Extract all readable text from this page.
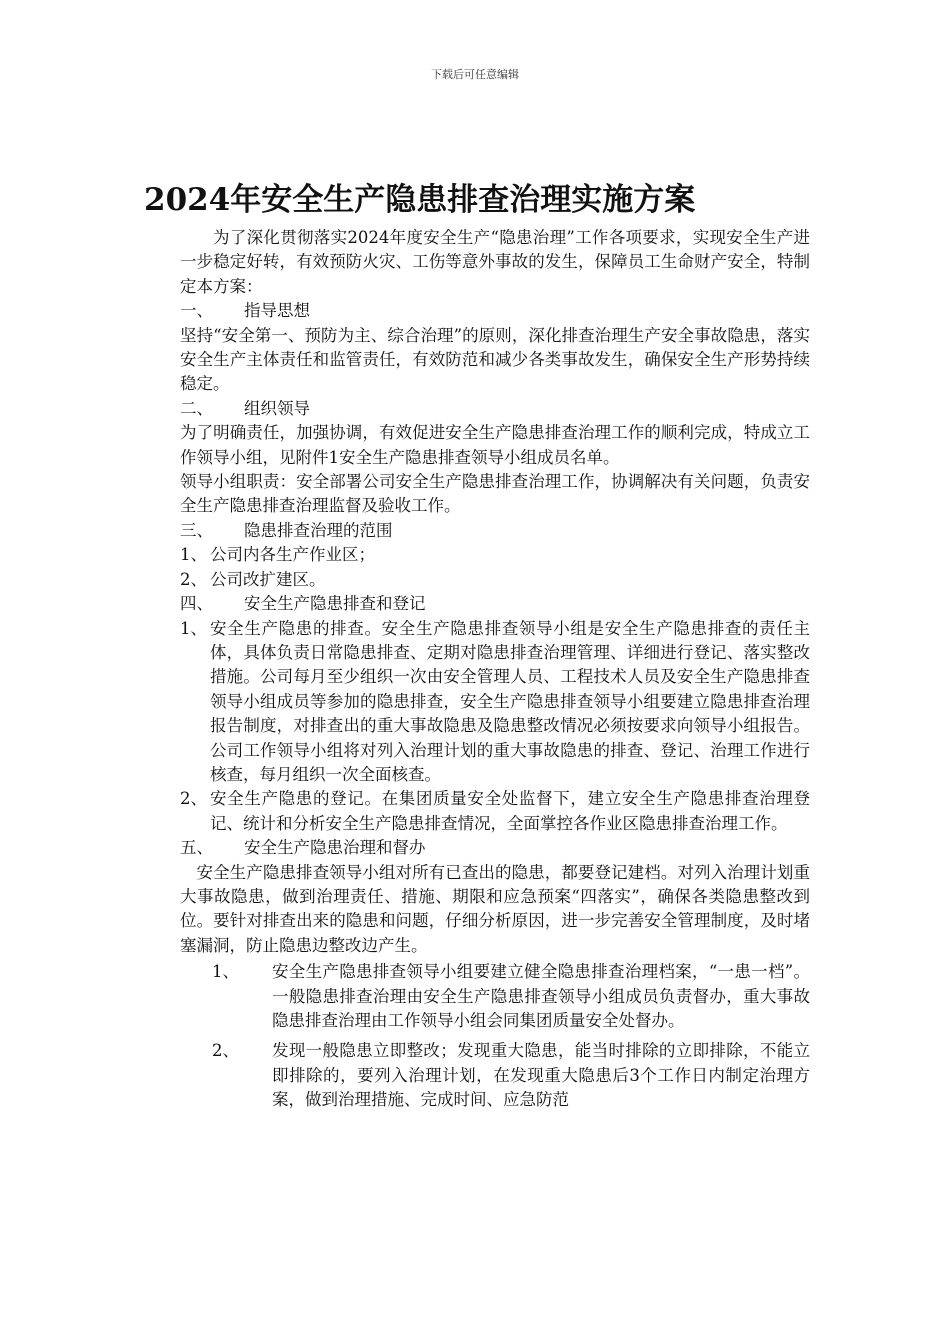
下载后可任意编辑
2024年安全生产隐患排查治理实施方案

为了深化贯彻落实2024年度安全生产“隐患治理”工作各项要求，实现安全生产进一步稳定好转，有效预防火灾、工伤等意外事故的发生，保障员工生命财产安全，特制定本方案：

一、 指导思想

坚持“安全第一、预防为主、综合治理”的原则，深化排查治理生产安全事故隐患，落实安全生产主体责任和监管责任，有效防范和减少各类事故发生，确保安全生产形势持续稳定。

二、 组织领导

为了明确责任，加强协调，有效促进安全生产隐患排查治理工作的顺利完成，特成立工作领导小组，见附件1安全生产隐患排查领导小组成员名单。

领导小组职责：安全部署公司安全生产隐患排查治理工作，协调解决有关问题，负责安全生产隐患排查治理监督及验收工作。

三、 隐患排查治理的范围

1、 公司内各生产作业区；
2、 公司改扩建区。

四、 安全生产隐患排查和登记

1、 安全生产隐患的排查。安全生产隐患排查领导小组是安全生产隐患排查的责任主体，具体负责日常隐患排查、定期对隐患排查治理管理、详细进行登记、落实整改措施。公司每月至少组织一次由安全管理人员、工程技术人员及安全生产隐患排查领导小组成员等参加的隐患排查，安全生产隐患排查领导小组要建立隐患排查治理报告制度，对排查出的重大事故隐患及隐患整改情况必须按要求向领导小组报告。公司工作领导小组将对列入治理计划的重大事故隐患的排查、登记、治理工作进行核查，每月组织一次全面核查。
2、 安全生产隐患的登记。在集团质量安全处监督下，建立安全生产隐患排查治理登记、统计和分析安全生产隐患排查情况，全面掌控各作业区隐患排查治理工作。

五、 安全生产隐患治理和督办

安全生产隐患排查领导小组对所有已查出的隐患，都要登记建档。对列入治理计划重大事故隐患，做到治理责任、措施、期限和应急预案“四落实”，确保各类隐患整改到位。要针对排查出来的隐患和问题，仔细分析原因，进一步完善安全管理制度，及时堵塞漏洞，防止隐患边整改边产生。

1、	安全生产隐患排查领导小组要建立健全隐患排查治理档案，“一患一档”。一般隐患排查治理由安全生产隐患排查领导小组成员负责督办，重大事故隐患排查治理由工作领导小组会同集团质量安全处督办。
2、	发现一般隐患立即整改；发现重大隐患，能当时排除的立即排除，不能立即排除的，要列入治理计划，在发现重大隐患后3个工作日内制定治理方案，做到治理措施、完成时间、应急防范
